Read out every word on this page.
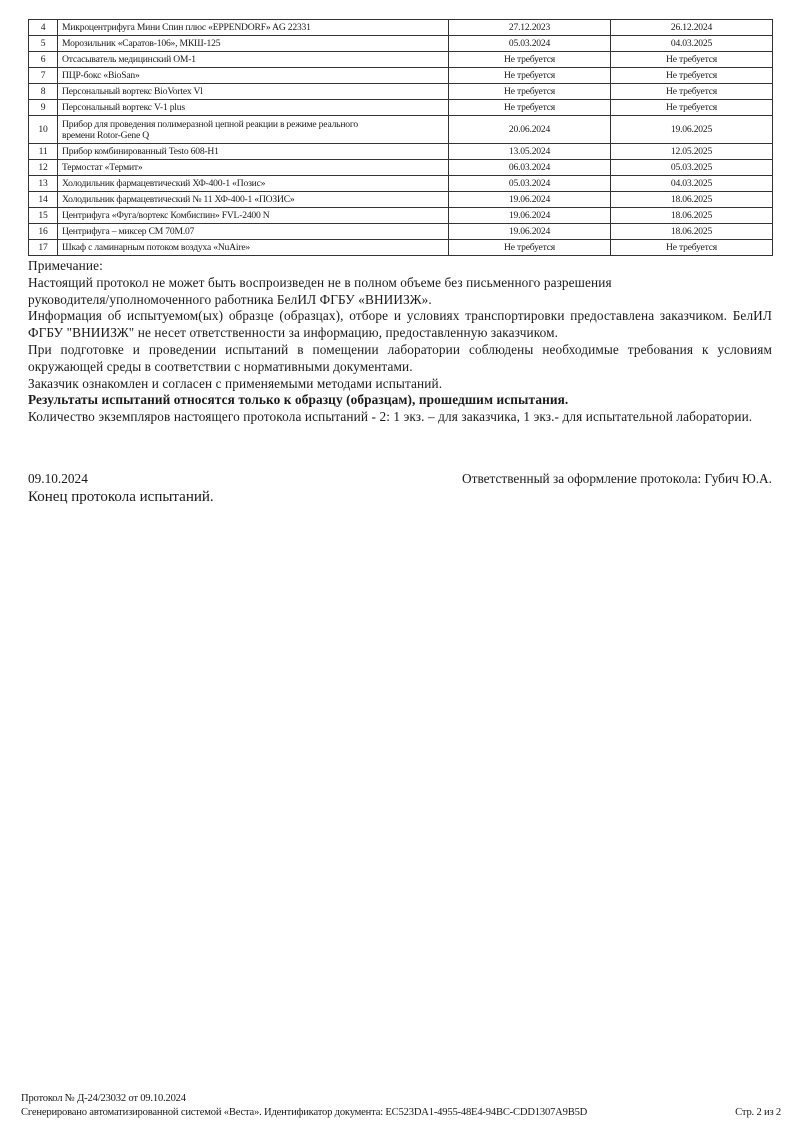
4	Микроцентрифуга Мини Спин плюс «EPPENDORF» AG 22331	27.12.2023	26.12.2024
5	Морозильник «Саратов-106», МКШ-125	05.03.2024	04.03.2025
6	Отсасыватель медицинский ОМ-1	Не требуется	Не требуется
7	ПЦР-бокс «BioSan»	Не требуется	Не требуется
8	Персональный вортекс BioVortex Vl	Не требуется	Не требуется
9	Персональный вортекс V-1 plus	Не требуется	Не требуется
10	Прибор для проведения полимеразной цепной реакции в режиме реального
времени Rotor-Gene Q	20.06.2024	19.06.2025
11	Прибор комбинированный Testo 608-H1	13.05.2024	12.05.2025
12	Термостат «Термит»	06.03.2024	05.03.2025
13	Холодильник фармацевтический ХФ-400-1 «Позис»	05.03.2024	04.03.2025
14	Холодильник фармацевтический № 11 ХФ-400-1 «ПОЗИС»	19.06.2024	18.06.2025
15	Центрифуга «Фуга/вортекс Комбиспин» FVL-2400 N	19.06.2024	18.06.2025
16	Центрифуга – миксер СМ 70М.07	19.06.2024	18.06.2025
17	Шкаф с ламинарным потоком воздуха «NuAire»	Не требуется	Не требуется

Примечание:

Настоящий протокол не может быть воспроизведен не в полном объеме без письменного разрешения

руководителя/уполномоченного работника БелИЛ ФГБУ «ВНИИЗЖ».

Информация об испытуемом(ых) образце (образцах), отборе и условиях транспортировки предоставлена заказчиком. БелИЛ ФГБУ "ВНИИЗЖ" не несет ответственности за информацию, предоставленную заказчиком.

При подготовке и проведении испытаний в помещении лаборатории соблюдены необходимые требования к условиям окружающей среды в соответствии с нормативными документами.

Заказчик ознакомлен и согласен с применяемыми методами испытаний.

Результаты испытаний относятся только к образцу (образцам), прошедшим испытания.

Количество экземпляров настоящего протокола испытаний - 2: 1 экз. – для заказчика, 1 экз.- для испытательной лаборатории.

09.10.2024	Ответственный за оформление протокола: Губич Ю.А.
Конец протокола испытаний.
Протокол № Д-24/23032 от 09.10.2024
Сгенерировано автоматизированной системой «Веста». Идентификатор документа: EC523DA1-4955-48E4-94BC-CDD1307A9B5D	Стр. 2 из 2
